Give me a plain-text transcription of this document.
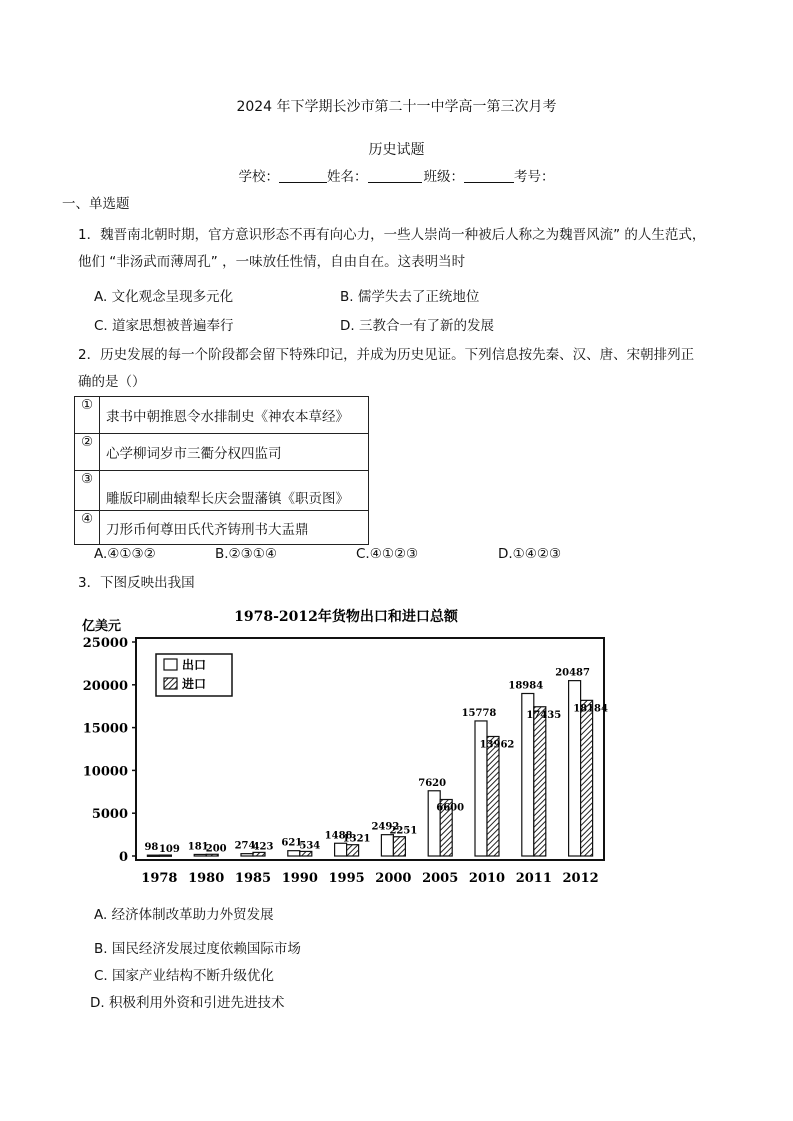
2024 年下学期长沙市第二十一中学高一第三次月考
历史试题
学校：	姓名：	班级：	考号：
一、单选题
1．魏晋南北朝时期，官方意识形态不再有向心力，一些人崇尚一种被后人称之为魏晋风流” 的人生范式，
他们 “非汤武而薄周孔” ，一味放任性情，自由自在。这表明当时
A. 文化观念呈现多元化	B. 儒学失去了正统地位
C. 道家思想被普遍奉行	D. 三教合一有了新的发展
2．历史发展的每一个阶段都会留下特殊印记，并成为历史见证。下列信息按先秦、汉、唐、宋朝排列正
确的是（）
①	隶书中朝推恩令水排制史《神农本草经》
②	心学柳词岁市三衢分权四监司
③	雕版印刷曲辕犁长庆会盟藩镇《职贡图》
④	刀形币何尊田氏代齐铸刑书大盂鼎
A.④①③②	B.②③①④	C.④①②③	D.①④②③
3．下图反映出我国
1978-2012年货物出口和进口总额
亿美元
25000
20000
15000
10000
5000
0
98 109 181
200 274
423 621
534
1488
1321
2492
2251
7620
6600
15778
13962
18984
17435
20487
18184
1978 1980 1985 1990 1995 2000 2005 2010 2011 2012
出口
进口
A. 经济体制改革助力外贸发展
B. 国民经济发展过度依赖国际市场
C. 国家产业结构不断升级优化
D. 积极利用外资和引进先进技术
